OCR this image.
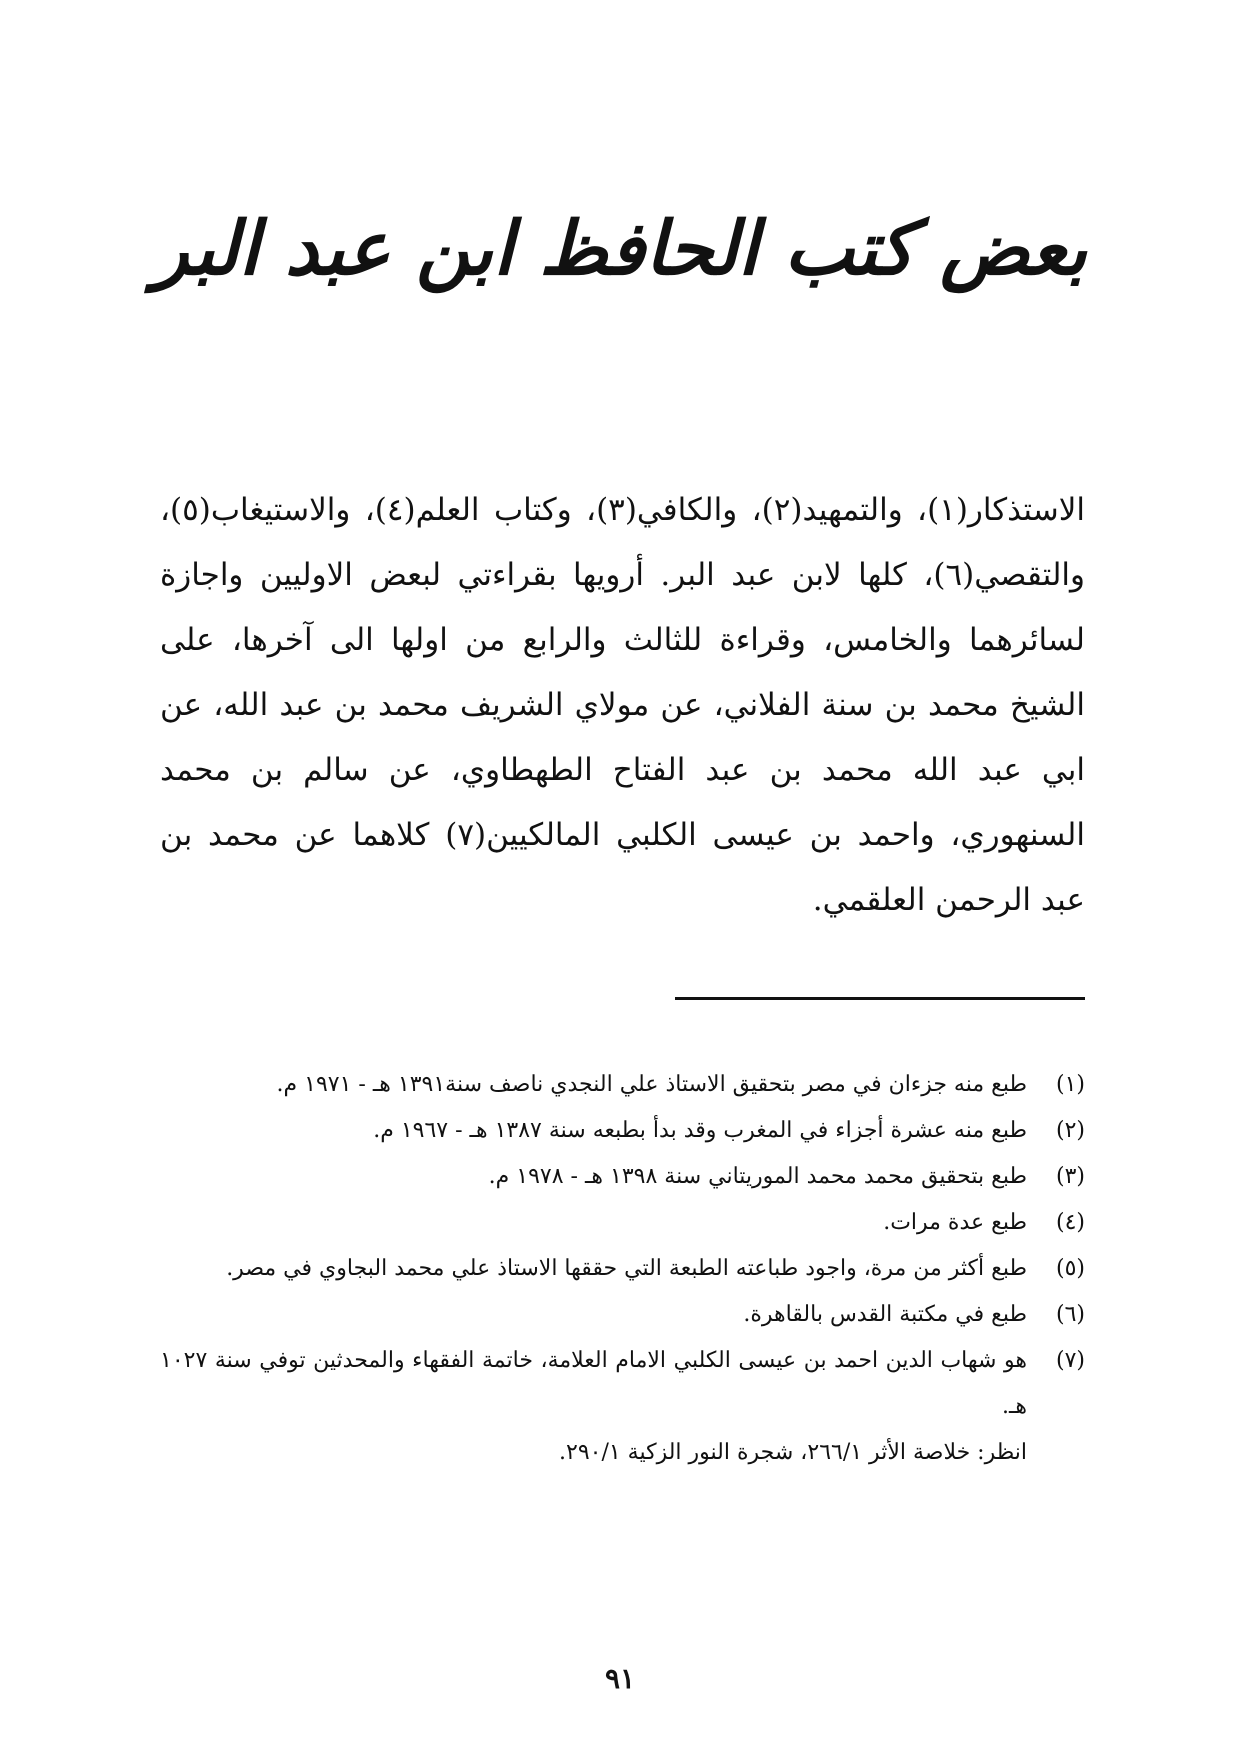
بعض كتب الحافظ ابن عبد البر
الاستذكار(١)، والتمهيد(٢)، والكافي(٣)، وكتاب العلم(٤)، والاستيغاب(٥)، والتقصي(٦)، كلها لابن عبد البر. أرويها بقراءتي لبعض الاوليين واجازة لسائرهما والخامس، وقراءة للثالث والرابع من اولها الى آخرها، على الشيخ محمد بن سنة الفلاني، عن مولاي الشريف محمد بن عبد الله، عن ابي عبد الله محمد بن عبد الفتاح الطهطاوي، عن سالم بن محمد السنهوري، واحمد بن عيسى الكلبي المالكيين(٧) كلاهما عن محمد بن عبد الرحمن العلقمي.
(١)
طبع منه جزءان في مصر بتحقيق الاستاذ علي النجدي ناصف سنة١٣٩١ هـ - ١٩٧١ م.
(٢)
طبع منه عشرة أجزاء في المغرب وقد بدأ بطبعه سنة ١٣٨٧ هـ - ١٩٦٧ م.
(٣)
طبع بتحقيق محمد محمد الموريتاني سنة ١٣٩٨ هـ - ١٩٧٨ م.
(٤)
طبع عدة مرات.
(٥)
طبع أكثر من مرة، واجود طباعته الطبعة التي حققها الاستاذ علي محمد البجاوي في مصر.
(٦)
طبع في مكتبة القدس بالقاهرة.
(٧)
هو شهاب الدين احمد بن عيسى الكلبي الامام العلامة، خاتمة الفقهاء والمحدثين توفي سنة ١٠٢٧ هـ.
انظر: خلاصة الأثر ٢٦٦/١، شجرة النور الزكية ٢٩٠/١.
٩١
